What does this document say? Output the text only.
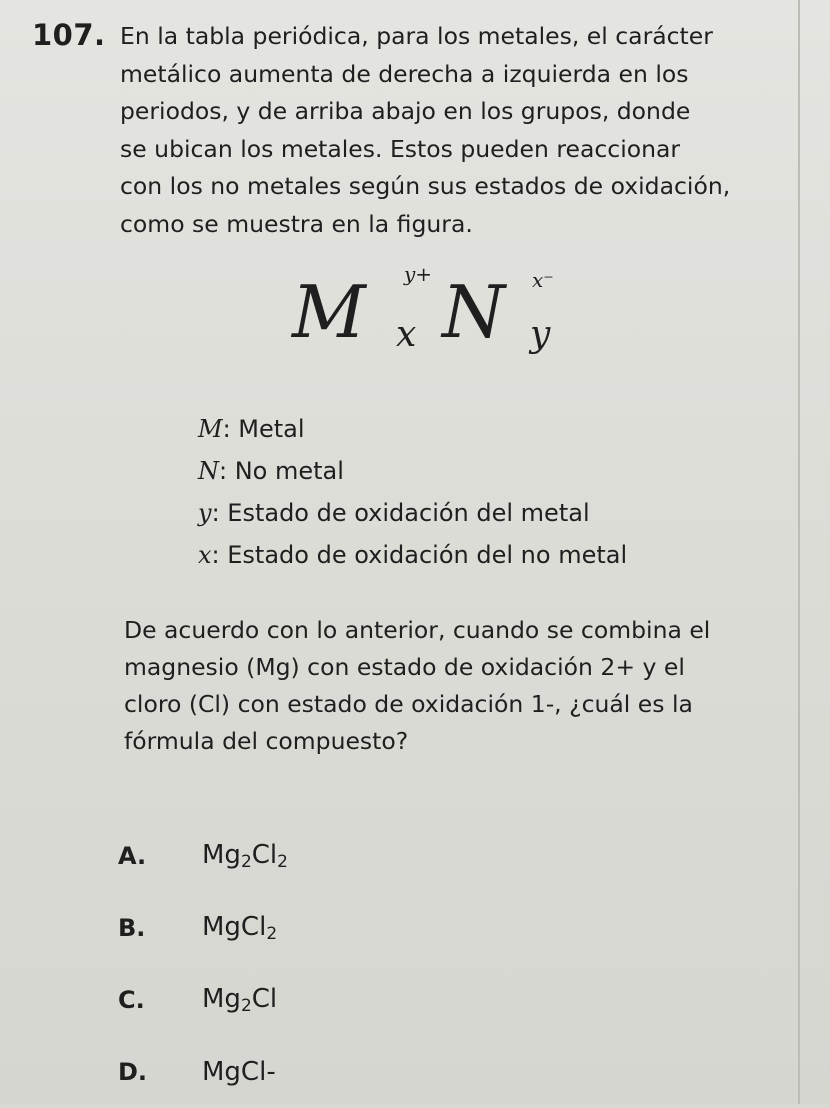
107. En la tabla periódica, para los metales, el carácter
metálico aumenta de derecha a izquierda en los
periodos, y de arriba abajo en los grupos, donde
se ubican los metales. Estos pueden reaccionar
con los no metales según sus estados de oxidación,
como se muestra en la figura.
M y+
x N x⁻
y
M: Metal
N: No metal
y: Estado de oxidación del metal
x: Estado de oxidación del no metal
De acuerdo con lo anterior, cuando se combina el
magnesio (Mg) con estado de oxidación 2+ y el
cloro (Cl) con estado de oxidación 1-, ¿cuál es la
fórmula del compuesto?
A.	$Mg_2Cl_2$
B.	MgCl$_2$
C.	$Mg_2Cl$
D.	MgCl-
